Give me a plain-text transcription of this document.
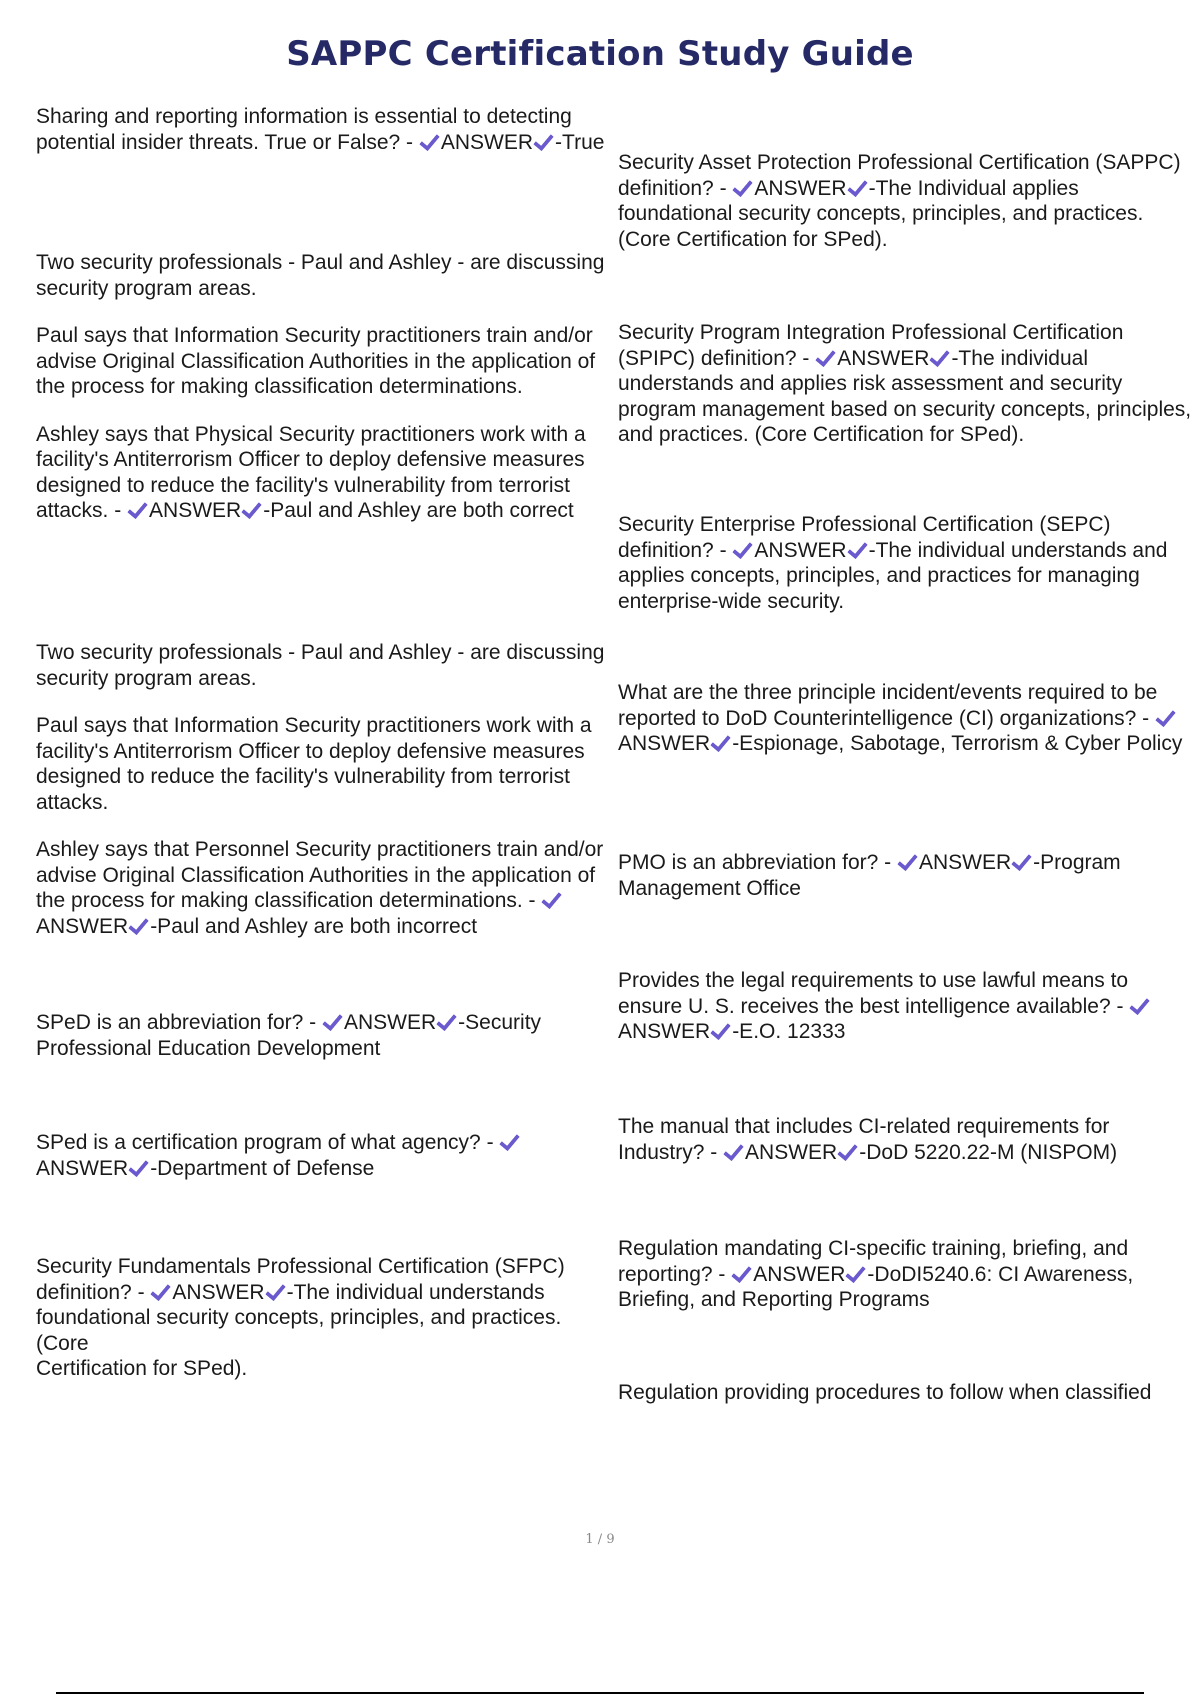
SAPPC Certification Study Guide

Sharing and reporting information is essential to detecting potential insider threats. True or False? - ANSWER -True

Two security professionals - Paul and Ashley - are discussing security program areas.

Paul says that Information Security practitioners train and/or advise Original Classification Authorities in the application of the process for making classification determinations.

Ashley says that Physical Security practitioners work with a facility's Antiterrorism Officer to deploy defensive measures designed to reduce the facility's vulnerability from terrorist attacks. - ANSWER -Paul and Ashley are both correct

Two security professionals - Paul and Ashley - are discussing security program areas.

Paul says that Information Security practitioners work with a facility's Antiterrorism Officer to deploy defensive measures designed to reduce the facility's vulnerability from terrorist attacks.

Ashley says that Personnel Security practitioners train and/or advise Original Classification Authorities in the application of the process for making classification determinations. - ANSWER -Paul and Ashley are both incorrect

SPeD is an abbreviation for? - ANSWER -Security Professional Education Development

SPed is a certification program of what agency? - ANSWER -Department of Defense

Security Fundamentals Professional Certification (SFPC) definition? - ANSWER -The individual understands foundational security concepts, principles, and practices. (Core
Certification for SPed).

Security Asset Protection Professional Certification (SAPPC) definition? - ANSWER -The Individual applies foundational security concepts, principles, and practices. (Core Certification for SPed).

Security Program Integration Professional Certification (SPIPC) definition? - ANSWER -The individual understands and applies risk assessment and security program management based on security concepts, principles, and practices. (Core Certification for SPed).

Security Enterprise Professional Certification (SEPC) definition? - ANSWER -The individual understands and applies concepts, principles, and practices for managing enterprise-wide security.

What are the three principle incident/events required to be reported to DoD Counterintelligence (CI) organizations? - ANSWER -Espionage, Sabotage, Terrorism & Cyber Policy

PMO is an abbreviation for? - ANSWER -Program Management Office

Provides the legal requirements to use lawful means to ensure U. S. receives the best intelligence available? - ANSWER -E.O. 12333

The manual that includes CI-related requirements for Industry? - ANSWER -DoD 5220.22-M (NISPOM)

Regulation mandating CI-specific training, briefing, and reporting? - ANSWER -DoDI5240.6: CI Awareness, Briefing, and Reporting Programs

Regulation providing procedures to follow when classified

1 / 9
